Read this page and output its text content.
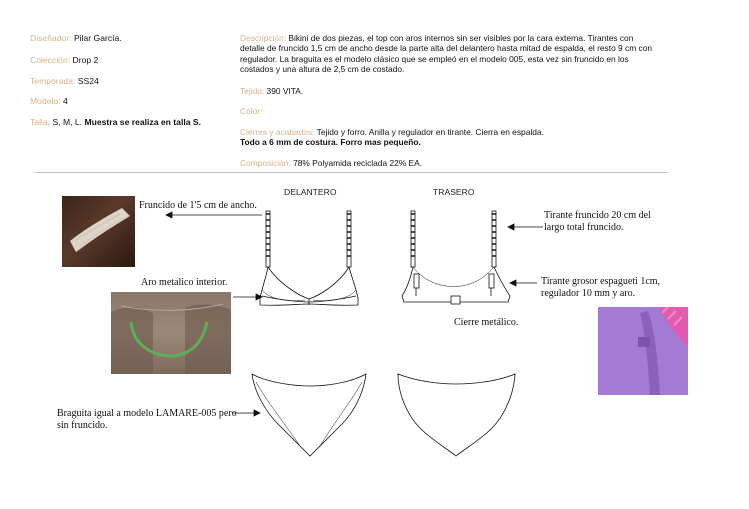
Diseñador: Pilar García.
Colección: Drop 2
Temporada: SS24
Modelo: 4
Talla: S, M, L. Muestra se realiza en talla S.
Descripción: Bikini de dos piezas, el top con aros internos sin ser visibles por la cara externa. Tirantes con detalle de fruncido 1,5 cm de ancho desde la parte alta del delantero hasta mitad de espalda, el resto 9 cm con regulador. La braguita es el modelo clásico que se empleó en el modelo 005, esta vez sin fruncido en los costados y una altura de 2,5 cm de costado.
Tejido: 390 VITA.
Color:
Cierres y acabados: Tejido y forro. Anilla y regulador en tirante. Cierra en espalda.
Todo a 6 mm de costura. Forro mas pequeño.
Composición: 78% Polyamida reciclada 22% EA.
DELANTERO	TRASERO
Fruncido de 1'5 cm de ancho.
Aro metalico interior.
Braguita igual a modelo LAMARE-005 pero sin fruncido.
Tirante fruncido 20 cm del largo total fruncido.
Tirante grosor espagueti 1cm, regulador 10 mm y aro.
Cierre metálico.
